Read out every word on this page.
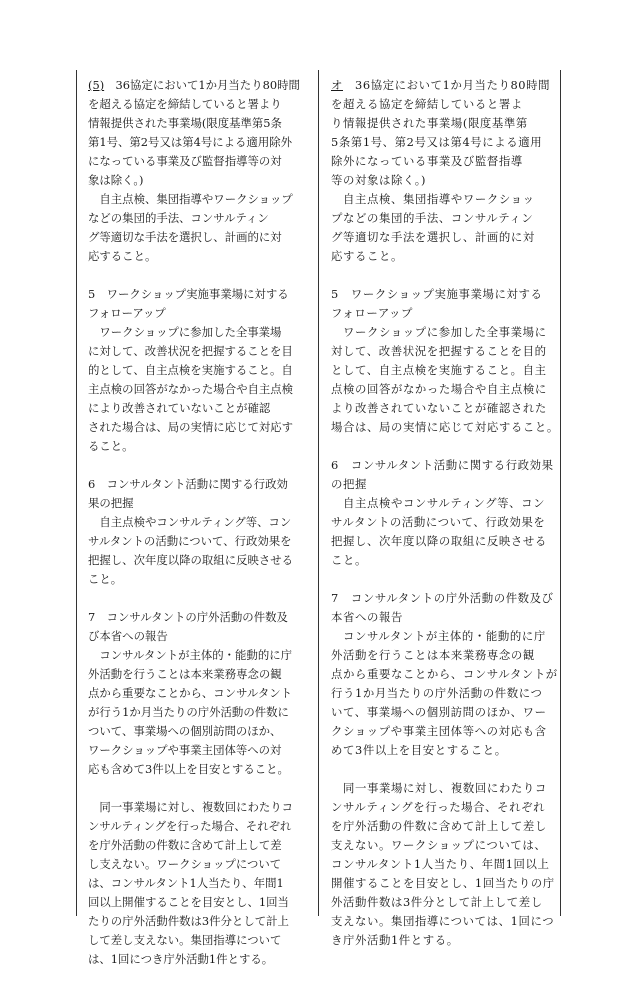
(5)　 36協定において1か月当たり80時間
を超える協定を締結していると署より
情報提供された事業場(限度基準第5条
第1号、第2号又は第4号による適用除外
になっている事業及び監督指導等の対
象は除く。)
　自主点検、集団指導やワークショップ
などの集団的手法、コンサルティン
グ等適切な手法を選択し、計画的に対
応すること。
5　ワークショップ実施事業場に対する
フォローアップ
　ワークショップに参加した全事業場
に対して、改善状況を把握することを目
的として、自主点検を実施すること。自
主点検の回答がなかった場合や自主点検
により改善されていないことが確認
された場合は、局の実情に応じて対応す
ること。
6　コンサルタント活動に関する行政効
果の把握
　自主点検やコンサルティング等、コン
サルタントの活動について、行政効果を
把握し、次年度以降の取組に反映させる
こと。
7　コンサルタントの庁外活動の件数及
び本省への報告
　コンサルタントが主体的・能動的に庁
外活動を行うことは本来業務専念の観
点から重要なことから、コンサルタント
が行う1か月当たりの庁外活動の件数に
ついて、事業場への個別訪問のほか、
ワークショップや事業主団体等への対
応も含めて3件以上を目安とすること。
　同一事業場に対し、複数回にわたりコ
ンサルティングを行った場合、それぞれ
を庁外活動の件数に含めて計上して差
し支えない。ワークショップについて
は、コンサルタント1人当たり、年間1
回以上開催することを目安とし、1回当
たりの庁外活動件数は3件分として計上
して差し支えない。集団指導について
は、1回につき庁外活動1件とする。
オ　 36協定において1か月当たり80時間
を超える協定を締結していると署よ
り情報提供された事業場(限度基準第
5条第1号、第2号又は第4号による適用
除外になっている事業及び監督指導
等の対象は除く。)
　自主点検、集団指導やワークショッ
プなどの集団的手法、コンサルティン
グ等適切な手法を選択し、計画的に対
応すること。
5　ワークショップ実施事業場に対する
フォローアップ
　ワークショップに参加した全事業場に
対して、改善状況を把握することを目的
として、自主点検を実施すること。自主
点検の回答がなかった場合や自主点検に
より改善されていないことが確認された
場合は、局の実情に応じて対応すること。
6　コンサルタント活動に関する行政効果
の把握
　自主点検やコンサルティング等、コン
サルタントの活動について、行政効果を
把握し、次年度以降の取組に反映させる
こと。
7　コンサルタントの庁外活動の件数及び
本省への報告
　コンサルタントが主体的・能動的に庁
外活動を行うことは本来業務専念の観
点から重要なことから、コンサルタントが
行う1か月当たりの庁外活動の件数につ
いて、事業場への個別訪問のほか、ワー
クショップや事業主団体等への対応も含
めて3件以上を目安とすること。
　同一事業場に対し、複数回にわたりコ
ンサルティングを行った場合、それぞれ
を庁外活動の件数に含めて計上して差し
支えない。ワークショップについては、
コンサルタント1人当たり、年間1回以上
開催することを目安とし、1回当たりの庁
外活動件数は3件分として計上して差し
支えない。集団指導については、1回につ
き庁外活動1件とする。
